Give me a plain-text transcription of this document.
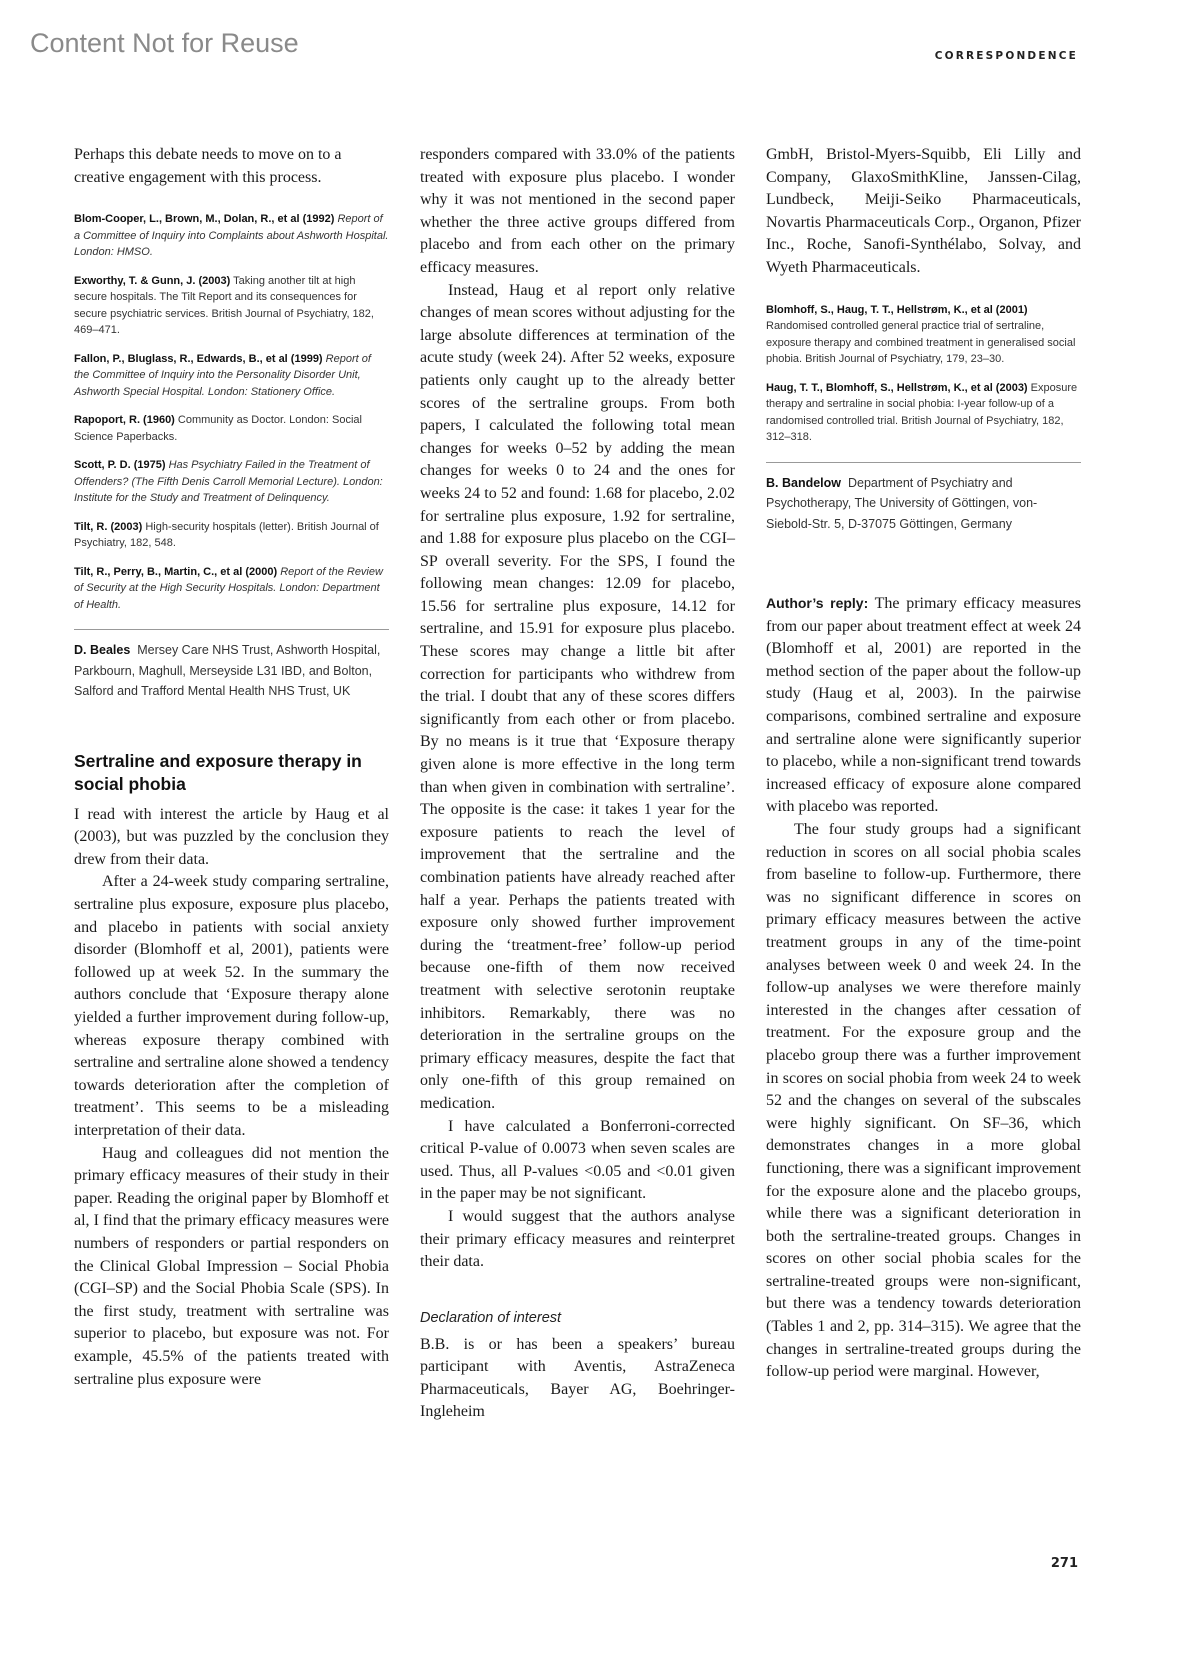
Content Not for Reuse	CORRESPONDENCE

Perhaps this debate needs to move on to a creative engagement with this process.

Blom-Cooper, L., Brown, M., Dolan, R., et al (1992) Report of a Committee of Inquiry into Complaints about Ashworth Hospital. London: HMSO.

Exworthy, T. & Gunn, J. (2003) Taking another tilt at high secure hospitals. The Tilt Report and its consequences for secure psychiatric services. British Journal of Psychiatry, 182, 469–471.

Fallon, P., Bluglass, R., Edwards, B., et al (1999) Report of the Committee of Inquiry into the Personality Disorder Unit, Ashworth Special Hospital. London: Stationery Office.

Rapoport, R. (1960) Community as Doctor. London: Social Science Paperbacks.

Scott, P. D. (1975) Has Psychiatry Failed in the Treatment of Offenders? (The Fifth Denis Carroll Memorial Lecture). London: Institute for the Study and Treatment of Delinquency.

Tilt, R. (2003) High-security hospitals (letter). British Journal of Psychiatry, 182, 548.

Tilt, R., Perry, B., Martin, C., et al (2000) Report of the Review of Security at the High Security Hospitals. London: Department of Health.

D. Beales Mersey Care NHS Trust, Ashworth Hospital, Parkbourn, Maghull, Merseyside L31 IBD, and Bolton, Salford and Trafford Mental Health NHS Trust, UK

Sertraline and exposure therapy in social phobia

I read with interest the article by Haug et al (2003), but was puzzled by the conclusion they drew from their data.

After a 24-week study comparing sertraline, sertraline plus exposure, exposure plus placebo, and placebo in patients with social anxiety disorder (Blomhoff et al, 2001), patients were followed up at week 52. In the summary the authors conclude that ‘Exposure therapy alone yielded a further improvement during follow-up, whereas exposure therapy combined with sertraline and sertraline alone showed a tendency towards deterioration after the completion of treatment’. This seems to be a misleading interpretation of their data.

Haug and colleagues did not mention the primary efficacy measures of their study in their paper. Reading the original paper by Blomhoff et al, I find that the primary efficacy measures were numbers of responders or partial responders on the Clinical Global Impression – Social Phobia (CGI–SP) and the Social Phobia Scale (SPS). In the first study, treatment with sertraline was superior to placebo, but exposure was not. For example, 45.5% of the patients treated with sertraline plus exposure were

responders compared with 33.0% of the patients treated with exposure plus placebo. I wonder why it was not mentioned in the second paper whether the three active groups differed from placebo and from each other on the primary efficacy measures.

Instead, Haug et al report only relative changes of mean scores without adjusting for the large absolute differences at termination of the acute study (week 24). After 52 weeks, exposure patients only caught up to the already better scores of the sertraline groups. From both papers, I calculated the following total mean changes for weeks 0–52 by adding the mean changes for weeks 0 to 24 and the ones for weeks 24 to 52 and found: 1.68 for placebo, 2.02 for sertraline plus exposure, 1.92 for sertraline, and 1.88 for exposure plus placebo on the CGI–SP overall severity. For the SPS, I found the following mean changes: 12.09 for placebo, 15.56 for sertraline plus exposure, 14.12 for sertraline, and 15.91 for exposure plus placebo. These scores may change a little bit after correction for participants who withdrew from the trial. I doubt that any of these scores differs significantly from each other or from placebo. By no means is it true that ‘Exposure therapy given alone is more effective in the long term than when given in combination with sertraline’. The opposite is the case: it takes 1 year for the exposure patients to reach the level of improvement that the sertraline and the combination patients have already reached after half a year. Perhaps the patients treated with exposure only showed further improvement during the ‘treatment-free’ follow-up period because one-fifth of them now received treatment with selective serotonin reuptake inhibitors. Remarkably, there was no deterioration in the sertraline groups on the primary efficacy measures, despite the fact that only one-fifth of this group remained on medication.

I have calculated a Bonferroni-corrected critical P-value of 0.0073 when seven scales are used. Thus, all P-values <0.05 and <0.01 given in the paper may be not significant.

I would suggest that the authors analyse their primary efficacy measures and reinterpret their data.

Declaration of interest

B.B. is or has been a speakers’ bureau participant with Aventis, AstraZeneca Pharmaceuticals, Bayer AG, Boehringer-Ingleheim

GmbH, Bristol-Myers-Squibb, Eli Lilly and Company, GlaxoSmithKline, Janssen-Cilag, Lundbeck, Meiji-Seiko Pharmaceuticals, Novartis Pharmaceuticals Corp., Organon, Pfizer Inc., Roche, Sanofi-Synthélabo, Solvay, and Wyeth Pharmaceuticals.

Blomhoff, S., Haug, T. T., Hellstrøm, K., et al (2001) Randomised controlled general practice trial of sertraline, exposure therapy and combined treatment in generalised social phobia. British Journal of Psychiatry, 179, 23–30.

Haug, T. T., Blomhoff, S., Hellstrøm, K., et al (2003) Exposure therapy and sertraline in social phobia: I-year follow-up of a randomised controlled trial. British Journal of Psychiatry, 182, 312–318.

B. Bandelow Department of Psychiatry and Psychotherapy, The University of Göttingen, von-Siebold-Str. 5, D-37075 Göttingen, Germany

Author’s reply: The primary efficacy measures from our paper about treatment effect at week 24 (Blomhoff et al, 2001) are reported in the method section of the paper about the follow-up study (Haug et al, 2003). In the pairwise comparisons, combined sertraline and exposure and sertraline alone were significantly superior to placebo, while a non-significant trend towards increased efficacy of exposure alone compared with placebo was reported.

The four study groups had a significant reduction in scores on all social phobia scales from baseline to follow-up. Furthermore, there was no significant difference in scores on primary efficacy measures between the active treatment groups in any of the time-point analyses between week 0 and week 24. In the follow-up analyses we were therefore mainly interested in the changes after cessation of treatment. For the exposure group and the placebo group there was a further improvement in scores on social phobia from week 24 to week 52 and the changes on several of the subscales were highly significant. On SF–36, which demonstrates changes in a more global functioning, there was a significant improvement for the exposure alone and the placebo groups, while there was a significant deterioration in both the sertraline-treated groups. Changes in scores on other social phobia scales for the sertraline-treated groups were non-significant, but there was a tendency towards deterioration (Tables 1 and 2, pp. 314–315). We agree that the changes in sertraline-treated groups during the follow-up period were marginal. However,

271
